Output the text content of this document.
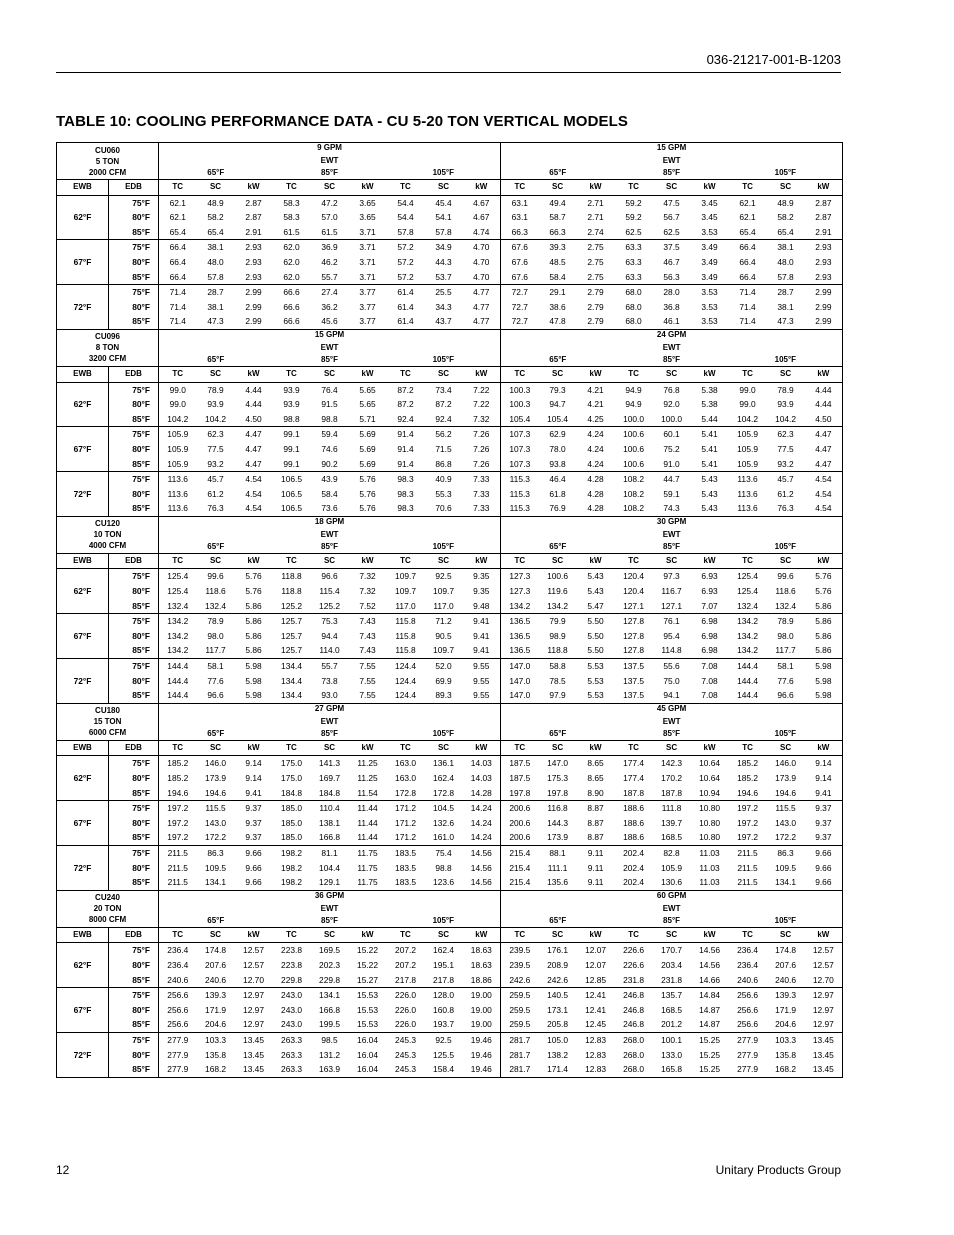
036-21217-001-B-1203
TABLE 10: COOLING PERFORMANCE DATA - CU 5-20 TON VERTICAL MODELS
CU060
5 TON
2000 CFM		9 GPM									15 GPM								
		EWT									EWT								
		65°F			85°F			105°F			65°F			85°F			105°F		
EWB	EDB	TC	SC	kW	TC	SC	kW	TC	SC	kW	TC	SC	kW	TC	SC	kW	TC	SC	kW
62°F	75°F	62.1	48.9	2.87	58.3	47.2	3.65	54.4	45.4	4.67	63.1	49.4	2.71	59.2	47.5	3.45	62.1	48.9	2.87
	80°F	62.1	58.2	2.87	58.3	57.0	3.65	54.4	54.1	4.67	63.1	58.7	2.71	59.2	56.7	3.45	62.1	58.2	2.87
	85°F	65.4	65.4	2.91	61.5	61.5	3.71	57.8	57.8	4.74	66.3	66.3	2.74	62.5	62.5	3.53	65.4	65.4	2.91
67°F	75°F	66.4	38.1	2.93	62.0	36.9	3.71	57.2	34.9	4.70	67.6	39.3	2.75	63.3	37.5	3.49	66.4	38.1	2.93
	80°F	66.4	48.0	2.93	62.0	46.2	3.71	57.2	44.3	4.70	67.6	48.5	2.75	63.3	46.7	3.49	66.4	48.0	2.93
	85°F	66.4	57.8	2.93	62.0	55.7	3.71	57.2	53.7	4.70	67.6	58.4	2.75	63.3	56.3	3.49	66.4	57.8	2.93
72°F	75°F	71.4	28.7	2.99	66.6	27.4	3.77	61.4	25.5	4.77	72.7	29.1	2.79	68.0	28.0	3.53	71.4	28.7	2.99
	80°F	71.4	38.1	2.99	66.6	36.2	3.77	61.4	34.3	4.77	72.7	38.6	2.79	68.0	36.8	3.53	71.4	38.1	2.99
	85°F	71.4	47.3	2.99	66.6	45.6	3.77	61.4	43.7	4.77	72.7	47.8	2.79	68.0	46.1	3.53	71.4	47.3	2.99

CU096
8 TON
3200 CFM		15 GPM									24 GPM								
		EWT									EWT								
		65°F			85°F			105°F			65°F			85°F			105°F		
EWB	EDB	TC	SC	kW	TC	SC	kW	TC	SC	kW	TC	SC	kW	TC	SC	kW	TC	SC	kW
62°F	75°F	99.0	78.9	4.44	93.9	76.4	5.65	87.2	73.4	7.22	100.3	79.3	4.21	94.9	76.8	5.38	99.0	78.9	4.44
	80°F	99.0	93.9	4.44	93.9	91.5	5.65	87.2	87.2	7.22	100.3	94.7	4.21	94.9	92.0	5.38	99.0	93.9	4.44
	85°F	104.2	104.2	4.50	98.8	98.8	5.71	92.4	92.4	7.32	105.4	105.4	4.25	100.0	100.0	5.44	104.2	104.2	4.50
67°F	75°F	105.9	62.3	4.47	99.1	59.4	5.69	91.4	56.2	7.26	107.3	62.9	4.24	100.6	60.1	5.41	105.9	62.3	4.47
	80°F	105.9	77.5	4.47	99.1	74.6	5.69	91.4	71.5	7.26	107.3	78.0	4.24	100.6	75.2	5.41	105.9	77.5	4.47
	85°F	105.9	93.2	4.47	99.1	90.2	5.69	91.4	86.8	7.26	107.3	93.8	4.24	100.6	91.0	5.41	105.9	93.2	4.47
72°F	75°F	113.6	45.7	4.54	106.5	43.9	5.76	98.3	40.9	7.33	115.3	46.4	4.28	108.2	44.7	5.43	113.6	45.7	4.54
	80°F	113.6	61.2	4.54	106.5	58.4	5.76	98.3	55.3	7.33	115.3	61.8	4.28	108.2	59.1	5.43	113.6	61.2	4.54
	85°F	113.6	76.3	4.54	106.5	73.6	5.76	98.3	70.6	7.33	115.3	76.9	4.28	108.2	74.3	5.43	113.6	76.3	4.54

CU120
10 TON
4000 CFM		18 GPM									30 GPM								
		EWT									EWT								
		65°F			85°F			105°F			65°F			85°F			105°F		
EWB	EDB	TC	SC	kW	TC	SC	kW	TC	SC	kW	TC	SC	kW	TC	SC	kW	TC	SC	kW
62°F	75°F	125.4	99.6	5.76	118.8	96.6	7.32	109.7	92.5	9.35	127.3	100.6	5.43	120.4	97.3	6.93	125.4	99.6	5.76
	80°F	125.4	118.6	5.76	118.8	115.4	7.32	109.7	109.7	9.35	127.3	119.6	5.43	120.4	116.7	6.93	125.4	118.6	5.76
	85°F	132.4	132.4	5.86	125.2	125.2	7.52	117.0	117.0	9.48	134.2	134.2	5.47	127.1	127.1	7.07	132.4	132.4	5.86
67°F	75°F	134.2	78.9	5.86	125.7	75.3	7.43	115.8	71.2	9.41	136.5	79.9	5.50	127.8	76.1	6.98	134.2	78.9	5.86
	80°F	134.2	98.0	5.86	125.7	94.4	7.43	115.8	90.5	9.41	136.5	98.9	5.50	127.8	95.4	6.98	134.2	98.0	5.86
	85°F	134.2	117.7	5.86	125.7	114.0	7.43	115.8	109.7	9.41	136.5	118.8	5.50	127.8	114.8	6.98	134.2	117.7	5.86
72°F	75°F	144.4	58.1	5.98	134.4	55.7	7.55	124.4	52.0	9.55	147.0	58.8	5.53	137.5	55.6	7.08	144.4	58.1	5.98
	80°F	144.4	77.6	5.98	134.4	73.8	7.55	124.4	69.9	9.55	147.0	78.5	5.53	137.5	75.0	7.08	144.4	77.6	5.98
	85°F	144.4	96.6	5.98	134.4	93.0	7.55	124.4	89.3	9.55	147.0	97.9	5.53	137.5	94.1	7.08	144.4	96.6	5.98

CU180
15 TON
6000 CFM		27 GPM									45 GPM								
		EWT									EWT								
		65°F			85°F			105°F			65°F			85°F			105°F		
EWB	EDB	TC	SC	kW	TC	SC	kW	TC	SC	kW	TC	SC	kW	TC	SC	kW	TC	SC	kW
62°F	75°F	185.2	146.0	9.14	175.0	141.3	11.25	163.0	136.1	14.03	187.5	147.0	8.65	177.4	142.3	10.64	185.2	146.0	9.14
	80°F	185.2	173.9	9.14	175.0	169.7	11.25	163.0	162.4	14.03	187.5	175.3	8.65	177.4	170.2	10.64	185.2	173.9	9.14
	85°F	194.6	194.6	9.41	184.8	184.8	11.54	172.8	172.8	14.28	197.8	197.8	8.90	187.8	187.8	10.94	194.6	194.6	9.41
67°F	75°F	197.2	115.5	9.37	185.0	110.4	11.44	171.2	104.5	14.24	200.6	116.8	8.87	188.6	111.8	10.80	197.2	115.5	9.37
	80°F	197.2	143.0	9.37	185.0	138.1	11.44	171.2	132.6	14.24	200.6	144.3	8.87	188.6	139.7	10.80	197.2	143.0	9.37
	85°F	197.2	172.2	9.37	185.0	166.8	11.44	171.2	161.0	14.24	200.6	173.9	8.87	188.6	168.5	10.80	197.2	172.2	9.37
72°F	75°F	211.5	86.3	9.66	198.2	81.1	11.75	183.5	75.4	14.56	215.4	88.1	9.11	202.4	82.8	11.03	211.5	86.3	9.66
	80°F	211.5	109.5	9.66	198.2	104.4	11.75	183.5	98.8	14.56	215.4	111.1	9.11	202.4	105.9	11.03	211.5	109.5	9.66
	85°F	211.5	134.1	9.66	198.2	129.1	11.75	183.5	123.6	14.56	215.4	135.6	9.11	202.4	130.6	11.03	211.5	134.1	9.66

CU240
20 TON
8000 CFM		36 GPM									60 GPM								
		EWT									EWT								
		65°F			85°F			105°F			65°F			85°F			105°F		
EWB	EDB	TC	SC	kW	TC	SC	kW	TC	SC	kW	TC	SC	kW	TC	SC	kW	TC	SC	kW
62°F	75°F	236.4	174.8	12.57	223.8	169.5	15.22	207.2	162.4	18.63	239.5	176.1	12.07	226.6	170.7	14.56	236.4	174.8	12.57
	80°F	236.4	207.6	12.57	223.8	202.3	15.22	207.2	195.1	18.63	239.5	208.9	12.07	226.6	203.4	14.56	236.4	207.6	12.57
	85°F	240.6	240.6	12.70	229.8	229.8	15.27	217.8	217.8	18.86	242.6	242.6	12.85	231.8	231.8	14.66	240.6	240.6	12.70
67°F	75°F	256.6	139.3	12.97	243.0	134.1	15.53	226.0	128.0	19.00	259.5	140.5	12.41	246.8	135.7	14.84	256.6	139.3	12.97
	80°F	256.6	171.9	12.97	243.0	166.8	15.53	226.0	160.8	19.00	259.5	173.1	12.41	246.8	168.5	14.87	256.6	171.9	12.97
	85°F	256.6	204.6	12.97	243.0	199.5	15.53	226.0	193.7	19.00	259.5	205.8	12.45	246.8	201.2	14.87	256.6	204.6	12.97
72°F	75°F	277.9	103.3	13.45	263.3	98.5	16.04	245.3	92.5	19.46	281.7	105.0	12.83	268.0	100.1	15.25	277.9	103.3	13.45
	80°F	277.9	135.8	13.45	263.3	131.2	16.04	245.3	125.5	19.46	281.7	138.2	12.83	268.0	133.0	15.25	277.9	135.8	13.45
	85°F	277.9	168.2	13.45	263.3	163.9	16.04	245.3	158.4	19.46	281.7	171.4	12.83	268.0	165.8	15.25	277.9	168.2	13.45
12	Unitary Products Group
